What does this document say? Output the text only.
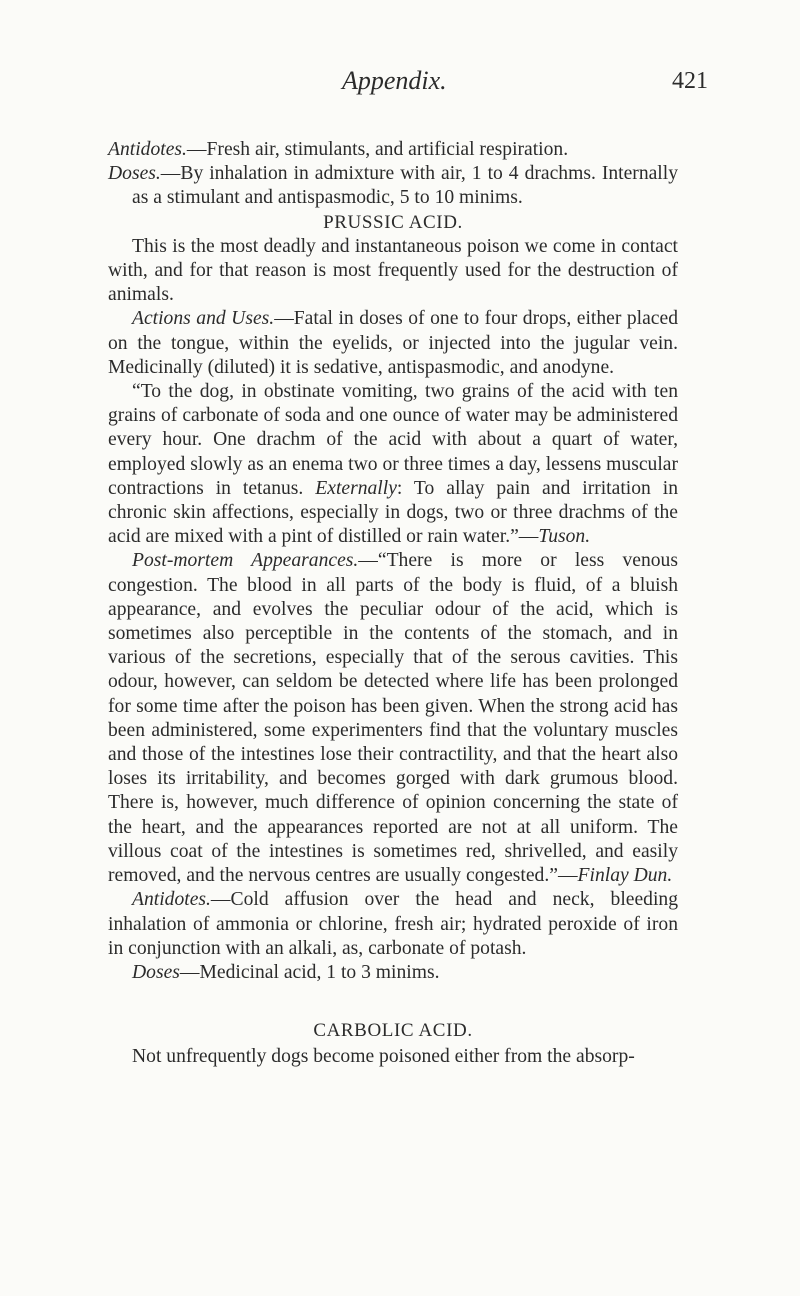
Appendix.	421

Antidotes.—Fresh air, stimulants, and artificial respiration.

Doses.—By inhalation in admixture with air, 1 to 4 drachms. Internally as a stimulant and antispasmodic, 5 to 10 minims.

PRUSSIC ACID.

This is the most deadly and instantaneous poison we come in contact with, and for that reason is most frequently used for the destruction of animals.

Actions and Uses.—Fatal in doses of one to four drops, either placed on the tongue, within the eyelids, or injected into the jugular vein. Medicinally (diluted) it is sedative, antispasmodic, and anodyne.

“To the dog, in obstinate vomiting, two grains of the acid with ten grains of carbonate of soda and one ounce of water may be administered every hour. One drachm of the acid with about a quart of water, employed slowly as an enema two or three times a day, lessens muscular contractions in tetanus. Externally: To allay pain and irritation in chronic skin affections, especially in dogs, two or three drachms of the acid are mixed with a pint of distilled or rain water.”—Tuson.

Post-mortem Appearances.—“There is more or less venous congestion. The blood in all parts of the body is fluid, of a bluish appearance, and evolves the peculiar odour of the acid, which is sometimes also perceptible in the contents of the stomach, and in various of the secretions, especially that of the serous cavities. This odour, however, can seldom be detected where life has been prolonged for some time after the poison has been given. When the strong acid has been administered, some experimenters find that the voluntary muscles and those of the intestines lose their contractility, and that the heart also loses its irritability, and becomes gorged with dark grumous blood. There is, however, much difference of opinion concerning the state of the heart, and the appearances reported are not at all uniform. The villous coat of the intestines is sometimes red, shrivelled, and easily removed, and the nervous centres are usually congested.”—Finlay Dun.

Antidotes.—Cold affusion over the head and neck, bleeding inhalation of ammonia or chlorine, fresh air; hydrated peroxide of iron in conjunction with an alkali, as, carbonate of potash.

Doses—Medicinal acid, 1 to 3 minims.

CARBOLIC ACID.

Not unfrequently dogs become poisoned either from the absorp-
